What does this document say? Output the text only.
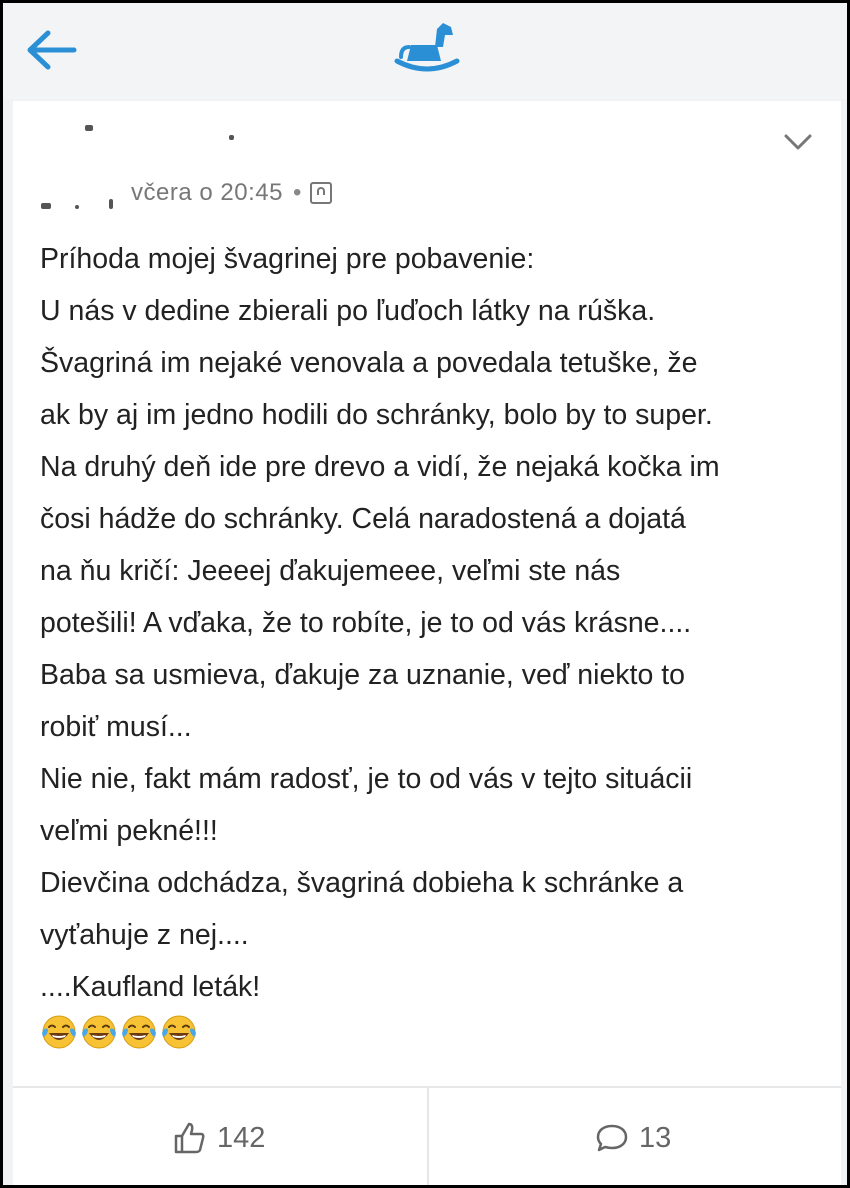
včera o 20:45 •
Príhoda mojej švagrinej pre pobavenie:
U nás v dedine zbierali po ľuďoch látky na rúška.
Švagriná im nejaké venovala a povedala tetuške, že
ak by aj im jedno hodili do schránky, bolo by to super.
Na druhý deň ide pre drevo a vidí, že nejaká kočka im
čosi hádže do schránky. Celá naradostená a dojatá
na ňu kričí: Jeeeej ďakujemeee, veľmi ste nás
potešili! A vďaka, že to robíte, je to od vás krásne....
Baba sa usmieva, ďakuje za uznanie, veď niekto to
robiť musí...
Nie nie, fakt mám radosť, je to od vás v tejto situácii
veľmi pekné!!!
Dievčina odchádza, švagriná dobieha k schránke a
vyťahuje z nej....
....Kaufland leták!
142	13
